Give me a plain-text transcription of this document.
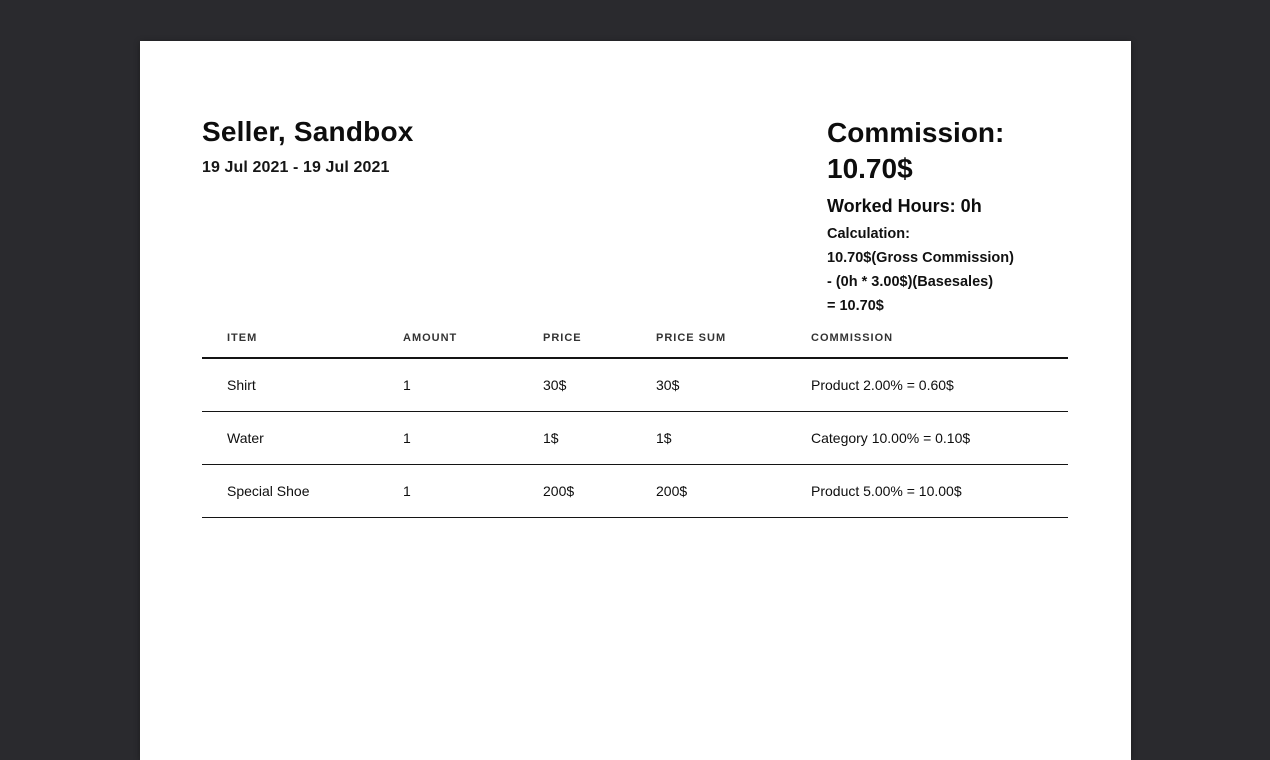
Seller, Sandbox
19 Jul 2021 - 19 Jul 2021
Commission: 10.70$
Worked Hours: 0h
Calculation:
10.70$(Gross Commission)
- (0h * 3.00$)(Basesales)
= 10.70$
ITEM	AMOUNT	PRICE	PRICE SUM	COMMISSION
Shirt	1	30$	30$	Product 2.00% = 0.60$
Water	1	1$	1$	Category 10.00% = 0.10$
Special Shoe	1	200$	200$	Product 5.00% = 10.00$
